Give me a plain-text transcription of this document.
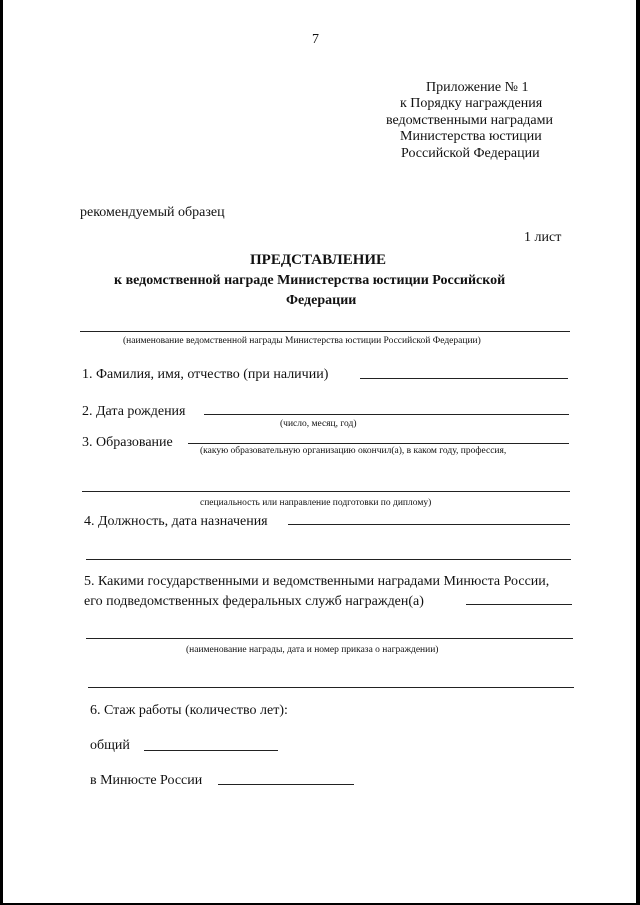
7
Приложение № 1
к Порядку награждения
ведомственными наградами
Министерства юстиции
Российской Федерации
рекомендуемый образец
1 лист
ПРЕДСТАВЛЕНИЕ
к ведомственной награде Министерства юстиции Российской
Федерации
(наименование ведомственной награды Министерства юстиции Российской Федерации)
1. Фамилия, имя, отчество (при наличии)
2. Дата рождения
(число, месяц, год)
3. Образование
(какую образовательную организацию окончил(а), в каком году, профессия,
специальность или направление подготовки по диплому)
4. Должность, дата назначения
5. Какими государственными и ведомственными наградами Минюста России,
его подведомственных федеральных служб награжден(а)
(наименование награды, дата и номер приказа о награждении)
6. Стаж работы (количество лет):
общий
в Минюсте России
